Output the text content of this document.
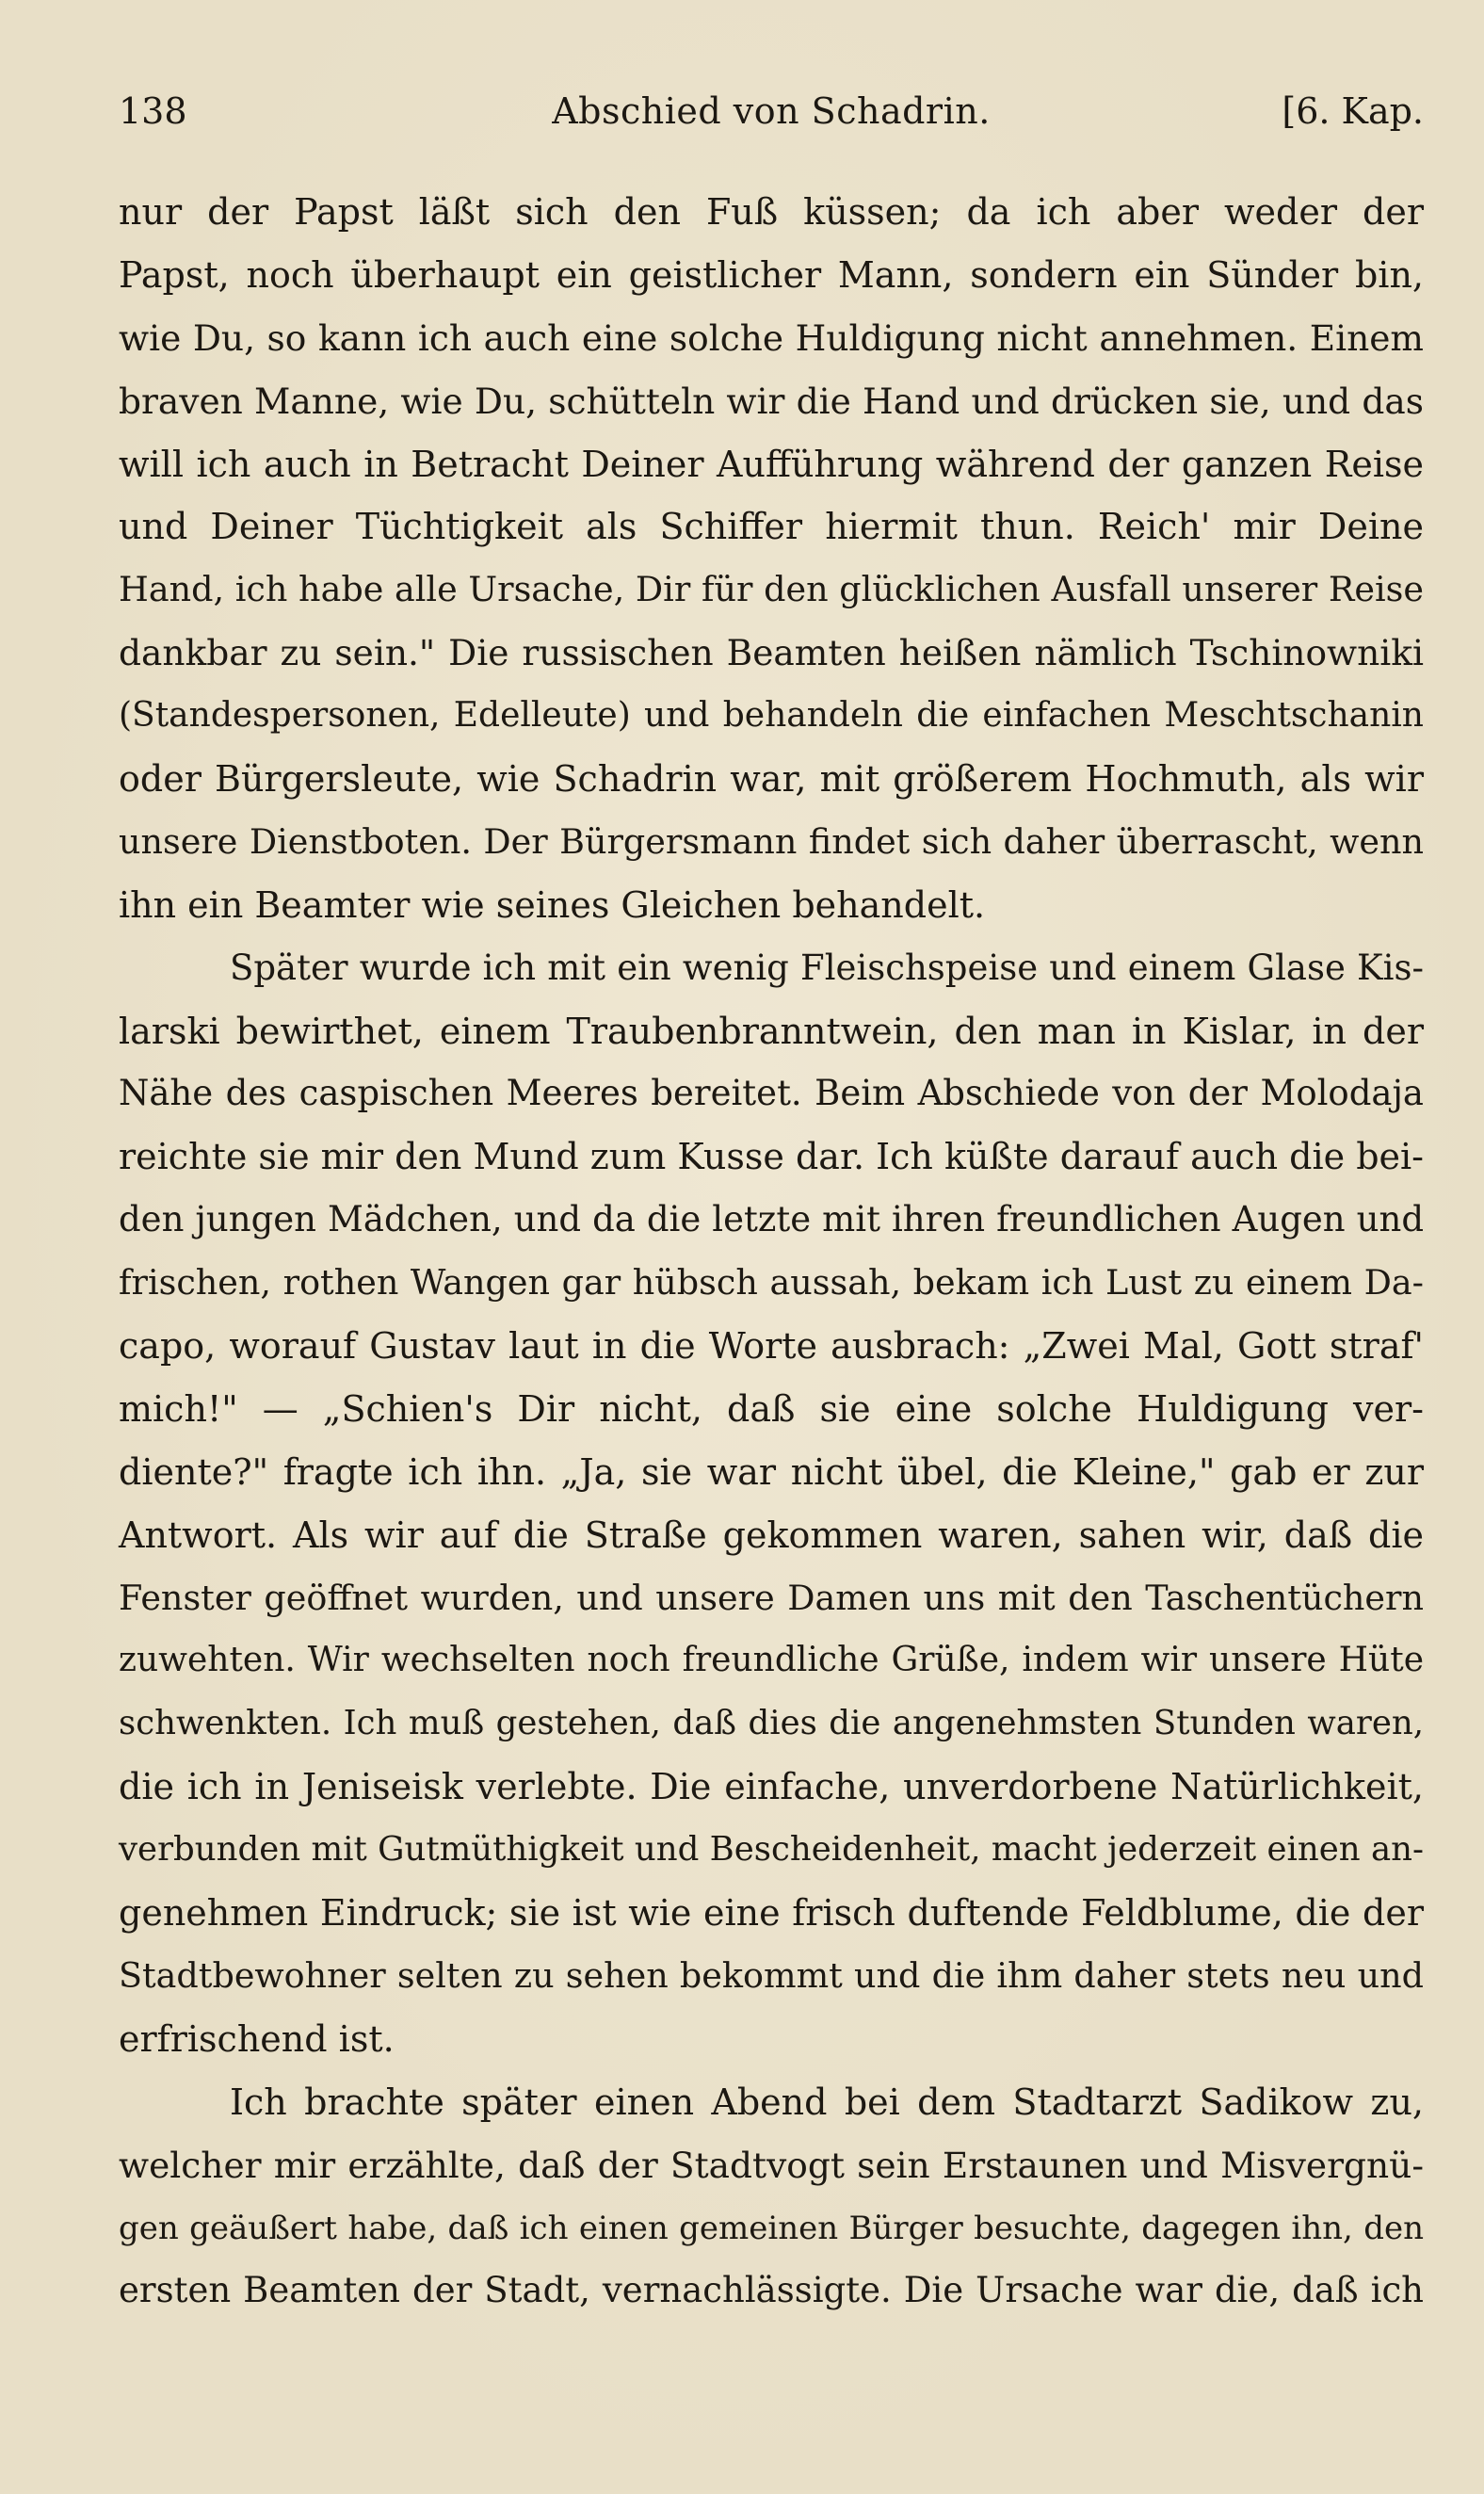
138	Abschied von Schadrin.	[6. Kap.
nur der Papst läßt sich den Fuß küssen; da ich aber weder der
Papst, noch überhaupt ein geistlicher Mann, sondern ein Sünder bin,
wie Du, so kann ich auch eine solche Huldigung nicht annehmen. Einem
braven Manne, wie Du, schütteln wir die Hand und drücken sie, und das
will ich auch in Betracht Deiner Aufführung während der ganzen Reise
und Deiner Tüchtigkeit als Schiffer hiermit thun. Reich' mir Deine
Hand, ich habe alle Ursache, Dir für den glücklichen Ausfall unserer Reise
dankbar zu sein." Die russischen Beamten heißen nämlich Tschinowniki
(Standespersonen, Edelleute) und behandeln die einfachen Meschtschanin
oder Bürgersleute, wie Schadrin war, mit größerem Hochmuth, als wir
unsere Dienstboten. Der Bürgersmann findet sich daher überrascht, wenn
ihn ein Beamter wie seines Gleichen behandelt.
Später wurde ich mit ein wenig Fleischspeise und einem Glase Kis-
larski bewirthet, einem Traubenbranntwein, den man in Kislar, in der
Nähe des caspischen Meeres bereitet. Beim Abschiede von der Molodaja
reichte sie mir den Mund zum Kusse dar. Ich küßte darauf auch die bei-
den jungen Mädchen, und da die letzte mit ihren freundlichen Augen und
frischen, rothen Wangen gar hübsch aussah, bekam ich Lust zu einem Da-
capo, worauf Gustav laut in die Worte ausbrach: „Zwei Mal, Gott straf'
mich!" — „Schien's Dir nicht, daß sie eine solche Huldigung ver-
diente?" fragte ich ihn. „Ja, sie war nicht übel, die Kleine," gab er zur
Antwort. Als wir auf die Straße gekommen waren, sahen wir, daß die
Fenster geöffnet wurden, und unsere Damen uns mit den Taschentüchern
zuwehten. Wir wechselten noch freundliche Grüße, indem wir unsere Hüte
schwenkten. Ich muß gestehen, daß dies die angenehmsten Stunden waren,
die ich in Jeniseisk verlebte. Die einfache, unverdorbene Natürlichkeit,
verbunden mit Gutmüthigkeit und Bescheidenheit, macht jederzeit einen an-
genehmen Eindruck; sie ist wie eine frisch duftende Feldblume, die der
Stadtbewohner selten zu sehen bekommt und die ihm daher stets neu und
erfrischend ist.
Ich brachte später einen Abend bei dem Stadtarzt Sadikow zu,
welcher mir erzählte, daß der Stadtvogt sein Erstaunen und Misvergnü-
gen geäußert habe, daß ich einen gemeinen Bürger besuchte, dagegen ihn, den
ersten Beamten der Stadt, vernachlässigte. Die Ursache war die, daß ich
